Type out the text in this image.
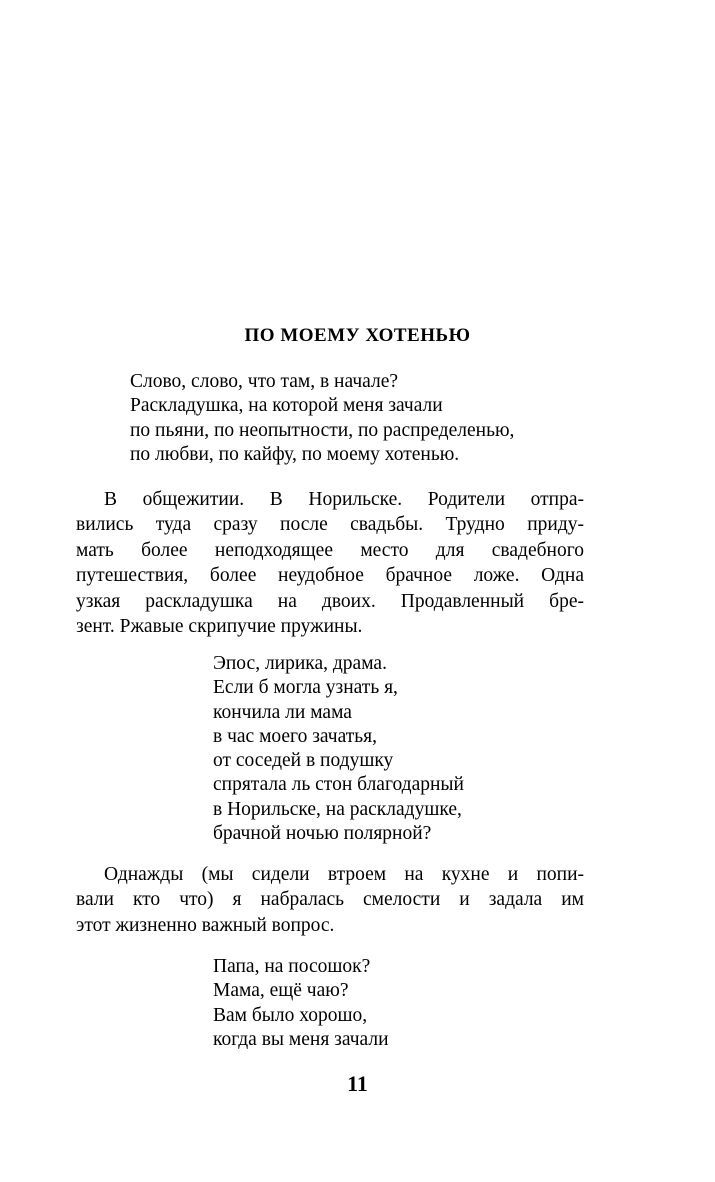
ПО МОЕМУ ХОТЕНЬЮ
Слово, слово, что там, в начале?
Раскладушка, на которой меня зачали
по пьяни, по неопытности, по распределенью,
по любви, по кайфу, по моему хотенью.
В общежитии. В Норильске. Родители отпра-
вились туда сразу после свадьбы. Трудно приду-
мать более неподходящее место для свадебного
путешествия, более неудобное брачное ложе. Одна
узкая раскладушка на двоих. Продавленный бре-
зент. Ржавые скрипучие пружины.
Эпос, лирика, драма.
Если б могла узнать я,
кончила ли мама
в час моего зачатья,
от соседей в подушку
спрятала ль стон благодарный
в Норильске, на раскладушке,
брачной ночью полярной?
Однажды (мы сидели втроем на кухне и попи-
вали кто что) я набралась смелости и задала им
этот жизненно важный вопрос.
Папа, на посошок?
Мама, ещё чаю?
Вам было хорошо,
когда вы меня зачали
11
